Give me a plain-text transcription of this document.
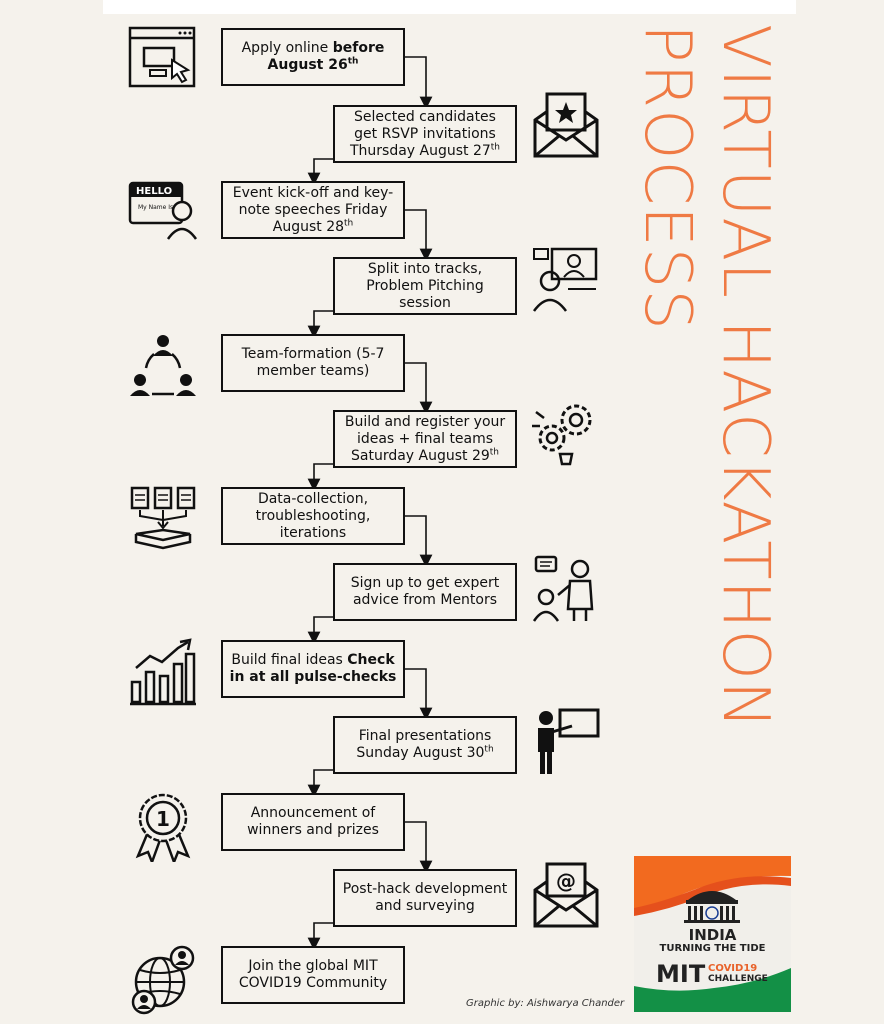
Apply online before August 26th
Selected candidates get RSVP invitations Thursday August 27th
Event kick-off and key-note speeches Friday August 28th
Split into tracks, Problem Pitching session
Team-formation (5-7 member teams)
Build and register your ideas + final teams Saturday August 29th
Data-collection, troubleshooting, iterations
Sign up to get expert advice from Mentors
Build final ideas Check in at all pulse-checks
Final presentations Sunday August 30th
Announcement of winners and prizes
Post-hack development and surveying
Join the global MIT COVID19 Community
HELLO
My Name Is
1
@
VIRTUAL HACKATHON
PROCESS
INDIA
TURNING THE TIDE
MIT COVID19
CHALLENGE
Graphic by: Aishwarya Chander
